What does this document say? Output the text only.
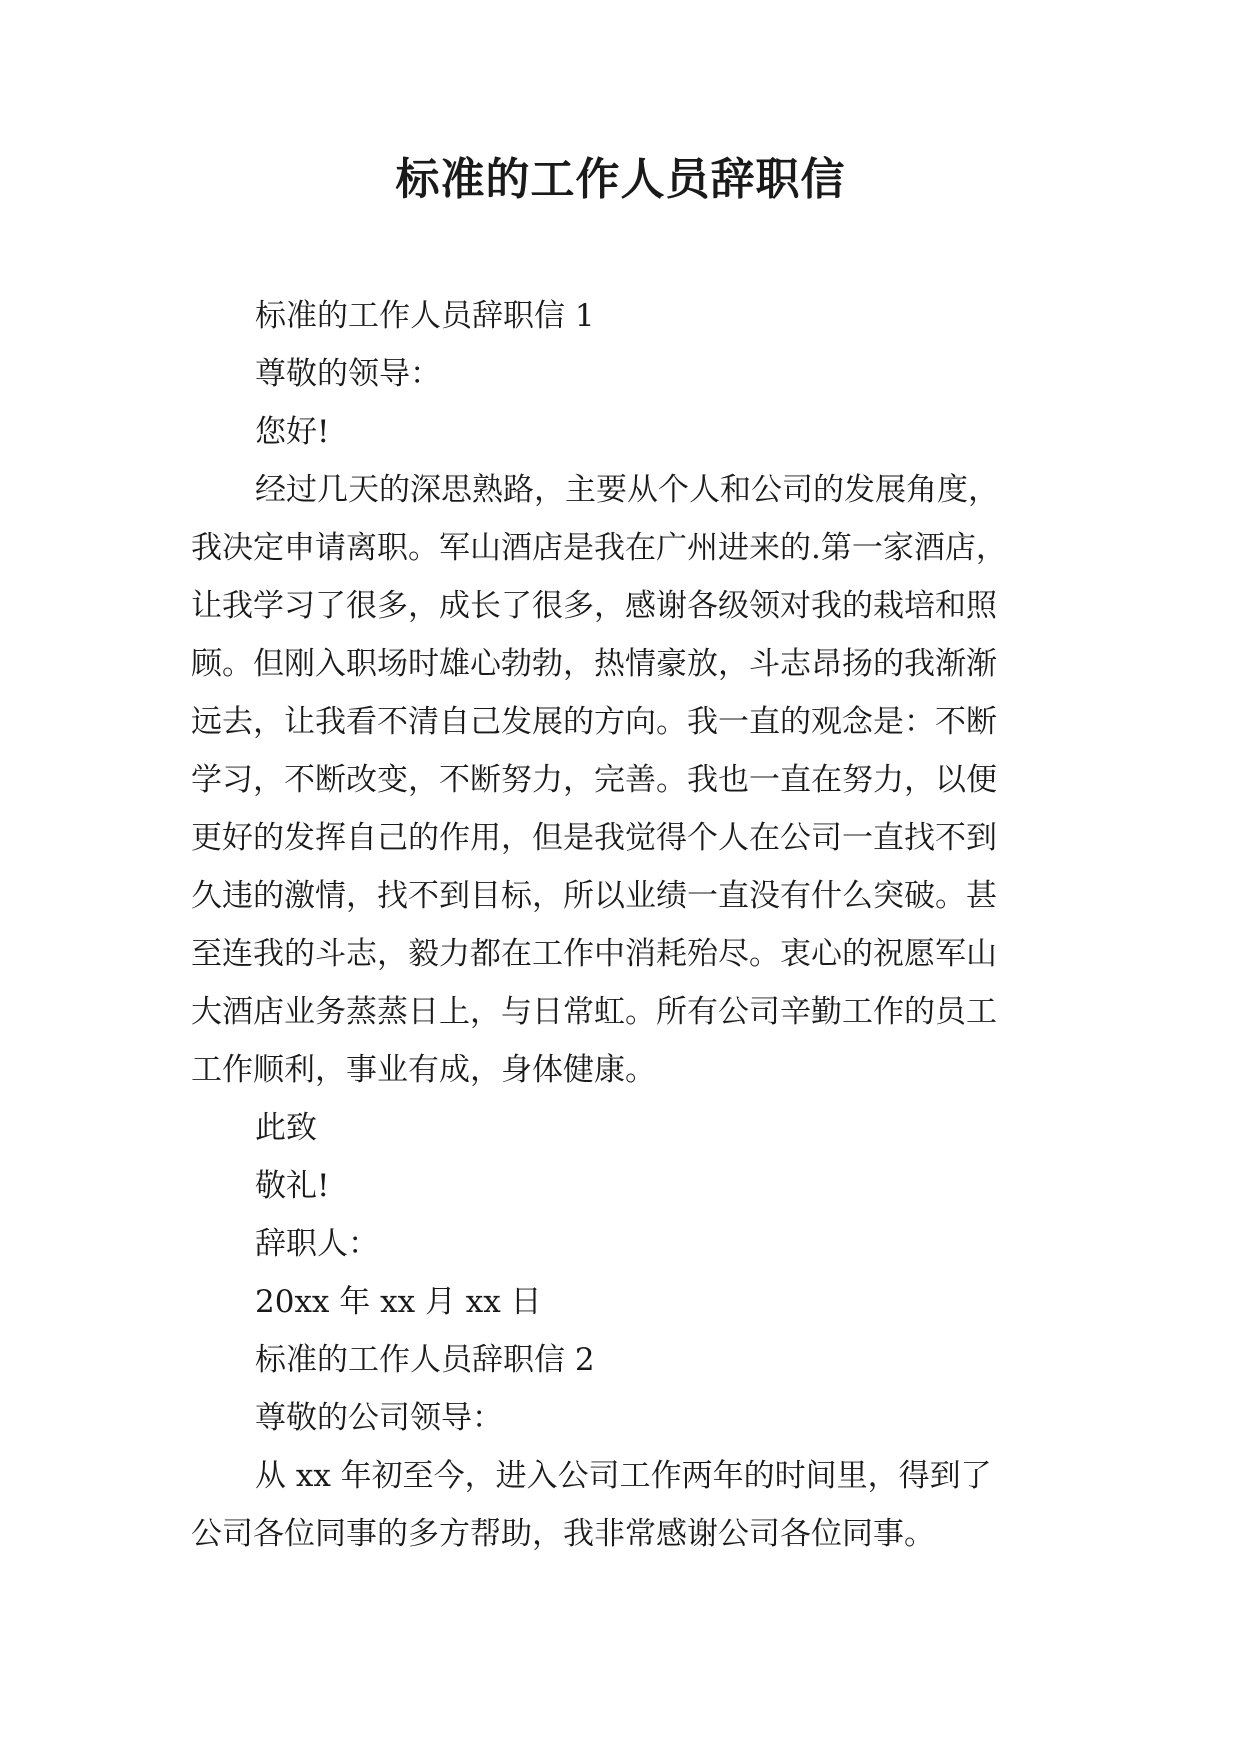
标准的工作人员辞职信

标准的工作人员辞职信 1

尊敬的领导：

您好!

经过几天的深思熟路，主要从个人和公司的发展角度，

我决定申请离职。军山酒店是我在广州进来的.第一家酒店，

让我学习了很多，成长了很多，感谢各级领对我的栽培和照

顾。但刚入职场时雄心勃勃，热情豪放，斗志昂扬的我渐渐

远去，让我看不清自己发展的方向。我一直的观念是：不断

学习，不断改变，不断努力，完善。我也一直在努力，以便

更好的发挥自己的作用，但是我觉得个人在公司一直找不到

久违的激情，找不到目标，所以业绩一直没有什么突破。甚

至连我的斗志，毅力都在工作中消耗殆尽。衷心的祝愿军山

大酒店业务蒸蒸日上，与日常虹。所有公司辛勤工作的员工

工作顺利，事业有成，身体健康。

此致

敬礼!

辞职人：

20xx 年 xx 月 xx 日

标准的工作人员辞职信 2

尊敬的公司领导：

从 xx 年初至今，进入公司工作两年的时间里，得到了

公司各位同事的多方帮助，我非常感谢公司各位同事。
